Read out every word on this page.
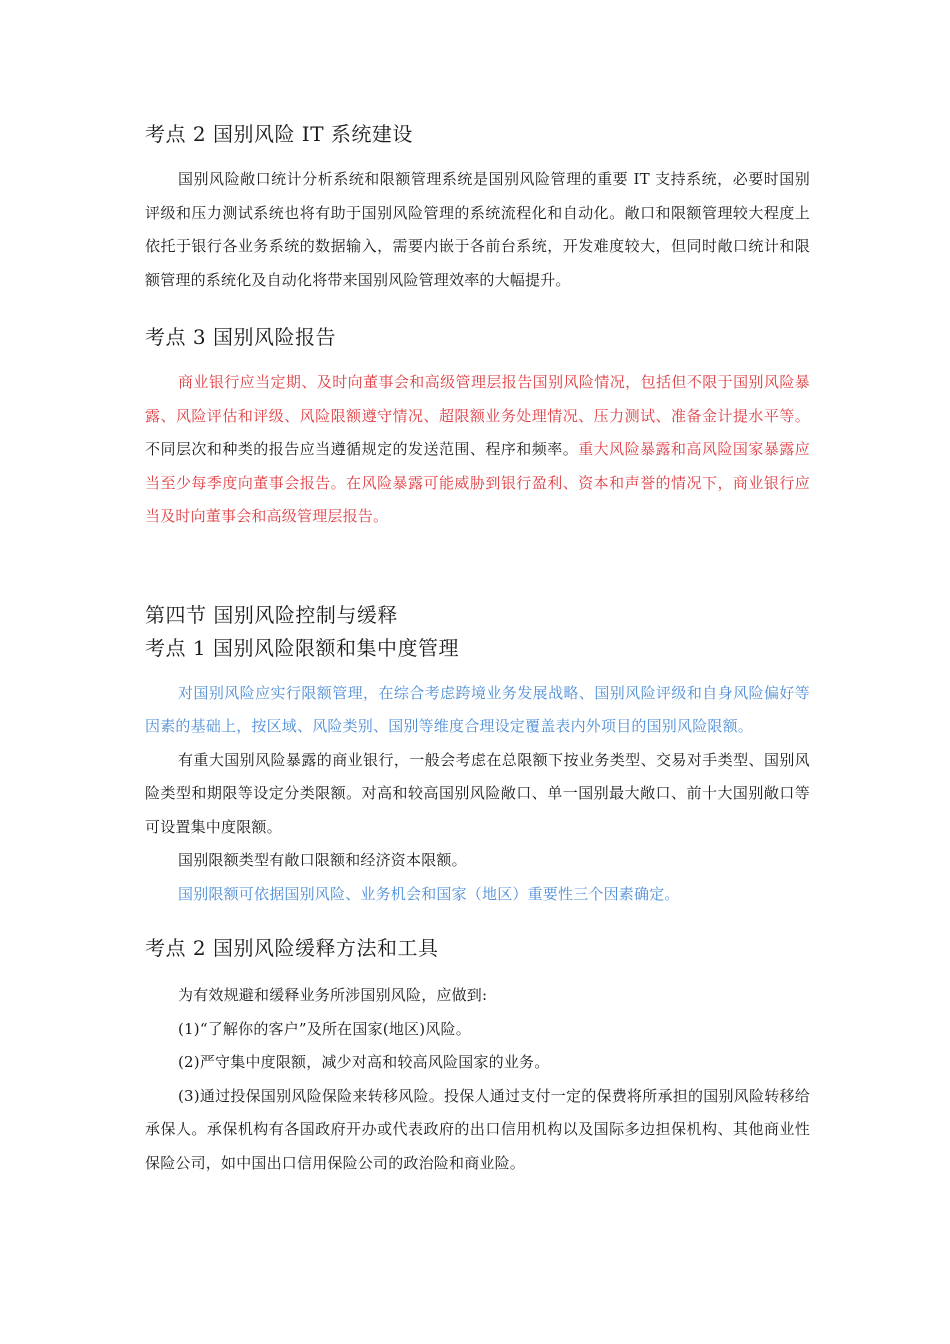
考点 2 国别风险 IT 系统建设

国别风险敞口统计分析系统和限额管理系统是国别风险管理的重要 IT 支持系统，必要时国别评级和压力测试系统也将有助于国别风险管理的系统流程化和自动化。敞口和限额管理较大程度上依托于银行各业务系统的数据输入，需要内嵌于各前台系统，开发难度较大，但同时敞口统计和限额管理的系统化及自动化将带来国别风险管理效率的大幅提升。

考点 3 国别风险报告

商业银行应当定期、及时向董事会和高级管理层报告国别风险情况，包括但不限于国别风险暴露、风险评估和评级、风险限额遵守情况、超限额业务处理情况、压力测试、准备金计提水平等。不同层次和种类的报告应当遵循规定的发送范围、程序和频率。重大风险暴露和高风险国家暴露应当至少每季度向董事会报告。在风险暴露可能威胁到银行盈利、资本和声誉的情况下，商业银行应当及时向董事会和高级管理层报告。

第四节 国别风险控制与缓释
考点 1 国别风险限额和集中度管理

对国别风险应实行限额管理，在综合考虑跨境业务发展战略、国别风险评级和自身风险偏好等因素的基础上，按区域、风险类别、国别等维度合理设定覆盖表内外项目的国别风险限额。

有重大国别风险暴露的商业银行，一般会考虑在总限额下按业务类型、交易对手类型、国别风险类型和期限等设定分类限额。对高和较高国别风险敞口、单一国别最大敞口、前十大国别敞口等可设置集中度限额。

国别限额类型有敞口限额和经济资本限额。

国别限额可依据国别风险、业务机会和国家（地区）重要性三个因素确定。

考点 2 国别风险缓释方法和工具

为有效规避和缓释业务所涉国别风险，应做到:

(1)“了解你的客户”及所在国家(地区)风险。

(2)严守集中度限额，减少对高和较高风险国家的业务。

(3)通过投保国别风险保险来转移风险。投保人通过支付一定的保费将所承担的国别风险转移给承保人。承保机构有各国政府开办或代表政府的出口信用机构以及国际多边担保机构、其他商业性保险公司，如中国出口信用保险公司的政治险和商业险。
